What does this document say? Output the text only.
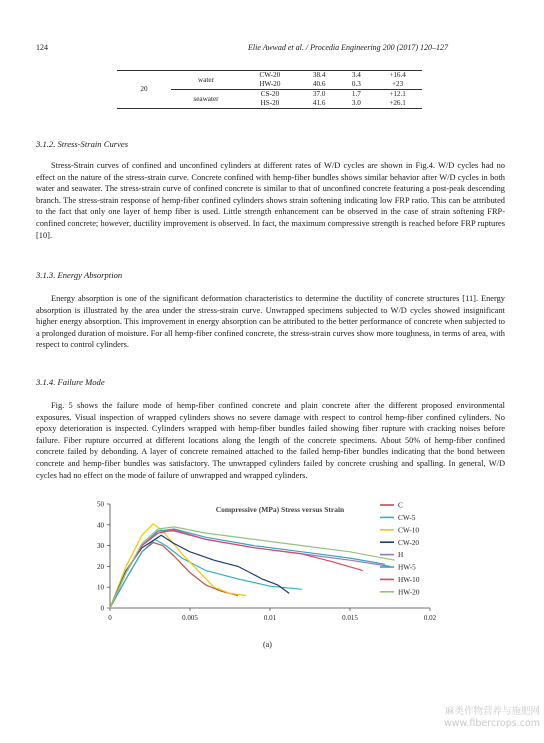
124	Elie Awwad et al. / Procedia Engineering 200 (2017) 120–127
20	water	CW-20	38.4	3.4	+16.4
		HW-20	40.6	0.3	+23
	seawater	CS-20	37.0	1.7	+12.1
		HS-20	41.6	3.0	+26.1
3.1.2. Stress-Strain Curves
Stress-Strain curves of confined and unconfined cylinders at different rates of W/D cycles are shown in Fig.4. W/D cycles had no effect on the nature of the stress-strain curve. Concrete confined with hemp-fiber bundles shows similar behavior after W/D cycles in both water and seawater. The stress-strain curve of confined concrete is similar to that of unconfined concrete featuring a post-peak descending branch. The stress-strain response of hemp-fiber confined cylinders shows strain softening indicating low FRP ratio. This can be attributed to the fact that only one layer of hemp fiber is used. Little strength enhancement can be observed in the case of strain softening FRP-confined concrete; however, ductility improvement is observed. In fact, the maximum compressive strength is reached before FRP ruptures [10].
3.1.3. Energy Absorption
Energy absorption is one of the significant deformation characteristics to determine the ductility of concrete structures [11]. Energy absorption is illustrated by the area under the stress-strain curve. Unwrapped specimens subjected to W/D cycles showed insignificant higher energy absorption. This improvement in energy absorption can be attributed to the better performance of concrete when subjected to a prolonged duration of moisture. For all hemp-fiber confined concrete, the stress-strain curves show more toughness, in terms of area, with respect to control cylinders.
3.1.4. Failure Mode
Fig. 5 shows the failure mode of hemp-fiber confined concrete and plain concrete after the different proposed environmental exposures. Visual inspection of wrapped cylinders shows no severe damage with respect to control hemp-fiber confined cylinders. No epoxy deterioration is inspected. Cylinders wrapped with hemp-fiber bundles failed showing fiber rupture with cracking noises before failure. Fiber rupture occurred at different locations along the length of the concrete specimens. About 50% of hemp-fiber confined concrete failed by debonding. A layer of concrete remained attached to the failed hemp-fiber bundles indicating that the bond between concrete and hemp-fiber bundles was satisfactory. The unwrapped cylinders failed by concrete crushing and spalling. In general, W/D cycles had no effect on the mode of failure of unwrapped and wrapped cylinders.
0
10
20
30
40
50
0	0.005	0.01	0.015	0.02
Compressive (MPa) Stress versus Strain	C
CW-5
CW-10
CW-20
H
HW-5
HW-10
HW-20
(a)
麻类作物营养与施肥网
www.fibercrops.com
